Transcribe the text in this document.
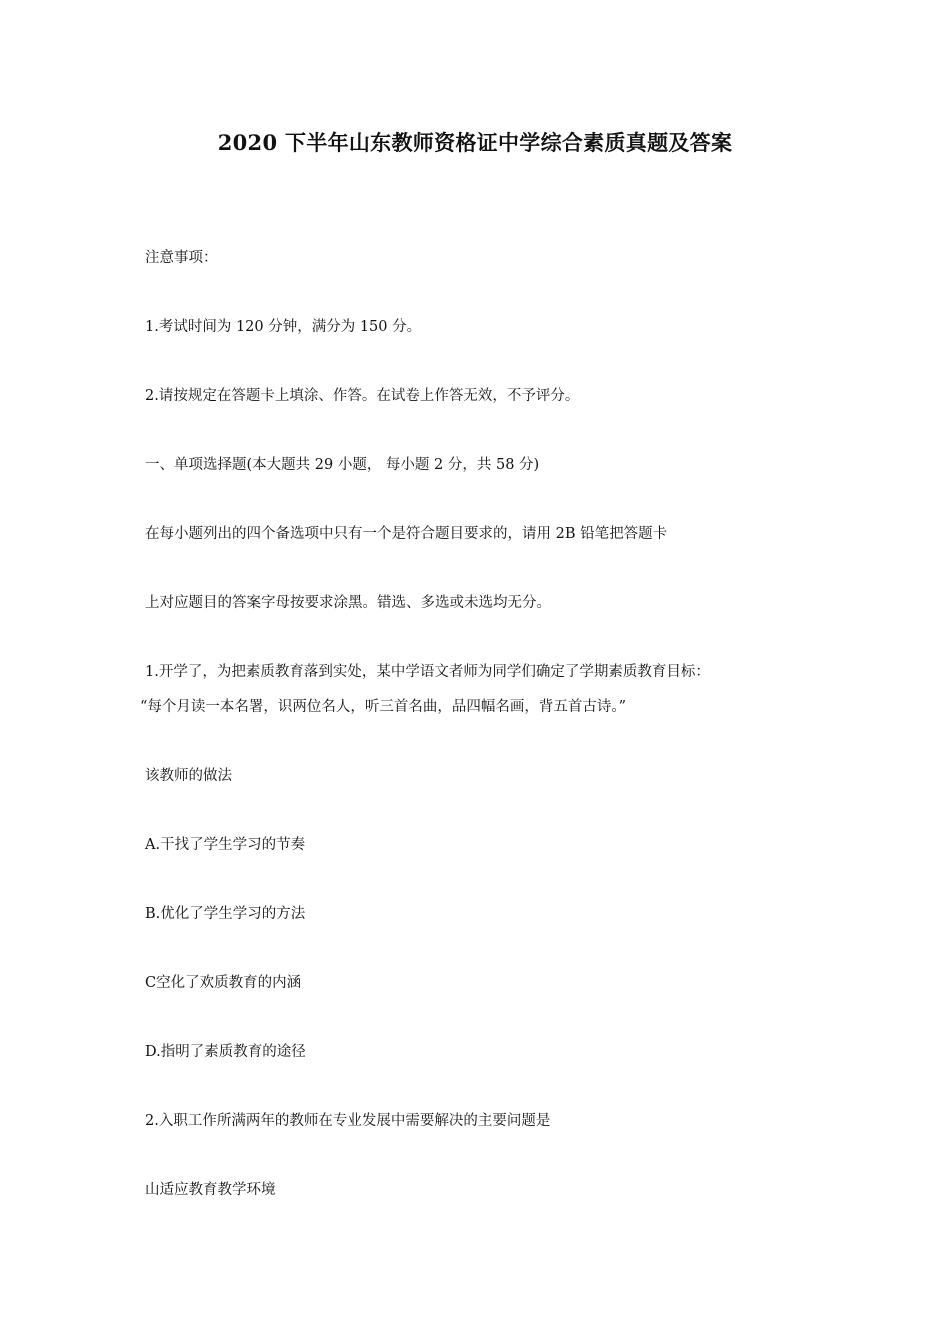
2020 下半年山东教师资格证中学综合素质真题及答案

注意事项：

1.考试时间为 120 分钟，满分为 150 分。

2.请按规定在答题卡上填涂、作答。在试卷上作答无效，不予评分。

一、单项选择题(本大题共 29 小题， 每小题 2 分，共 58 分)

在每小题列出的四个备选项中只有一个是符合题目要求的，请用 2B 铅笔把答题卡

上对应题目的答案字母按要求涂黑。错选、多选或未选均无分。

1.开学了，为把素质教育落到实处，某中学语文者师为同学们确定了学期素质教育目标：

“每个月读一本名署，识两位名人，听三首名曲，品四幅名画，背五首古诗。”

该教师的做法

A.干找了学生学习的节奏

B.优化了学生学习的方法

C空化了欢质教育的内涵

D.指明了素质教育的途径

2.入职工作所满两年的教师在专业发展中需要解决的主要问题是

山适应教育教学环境
